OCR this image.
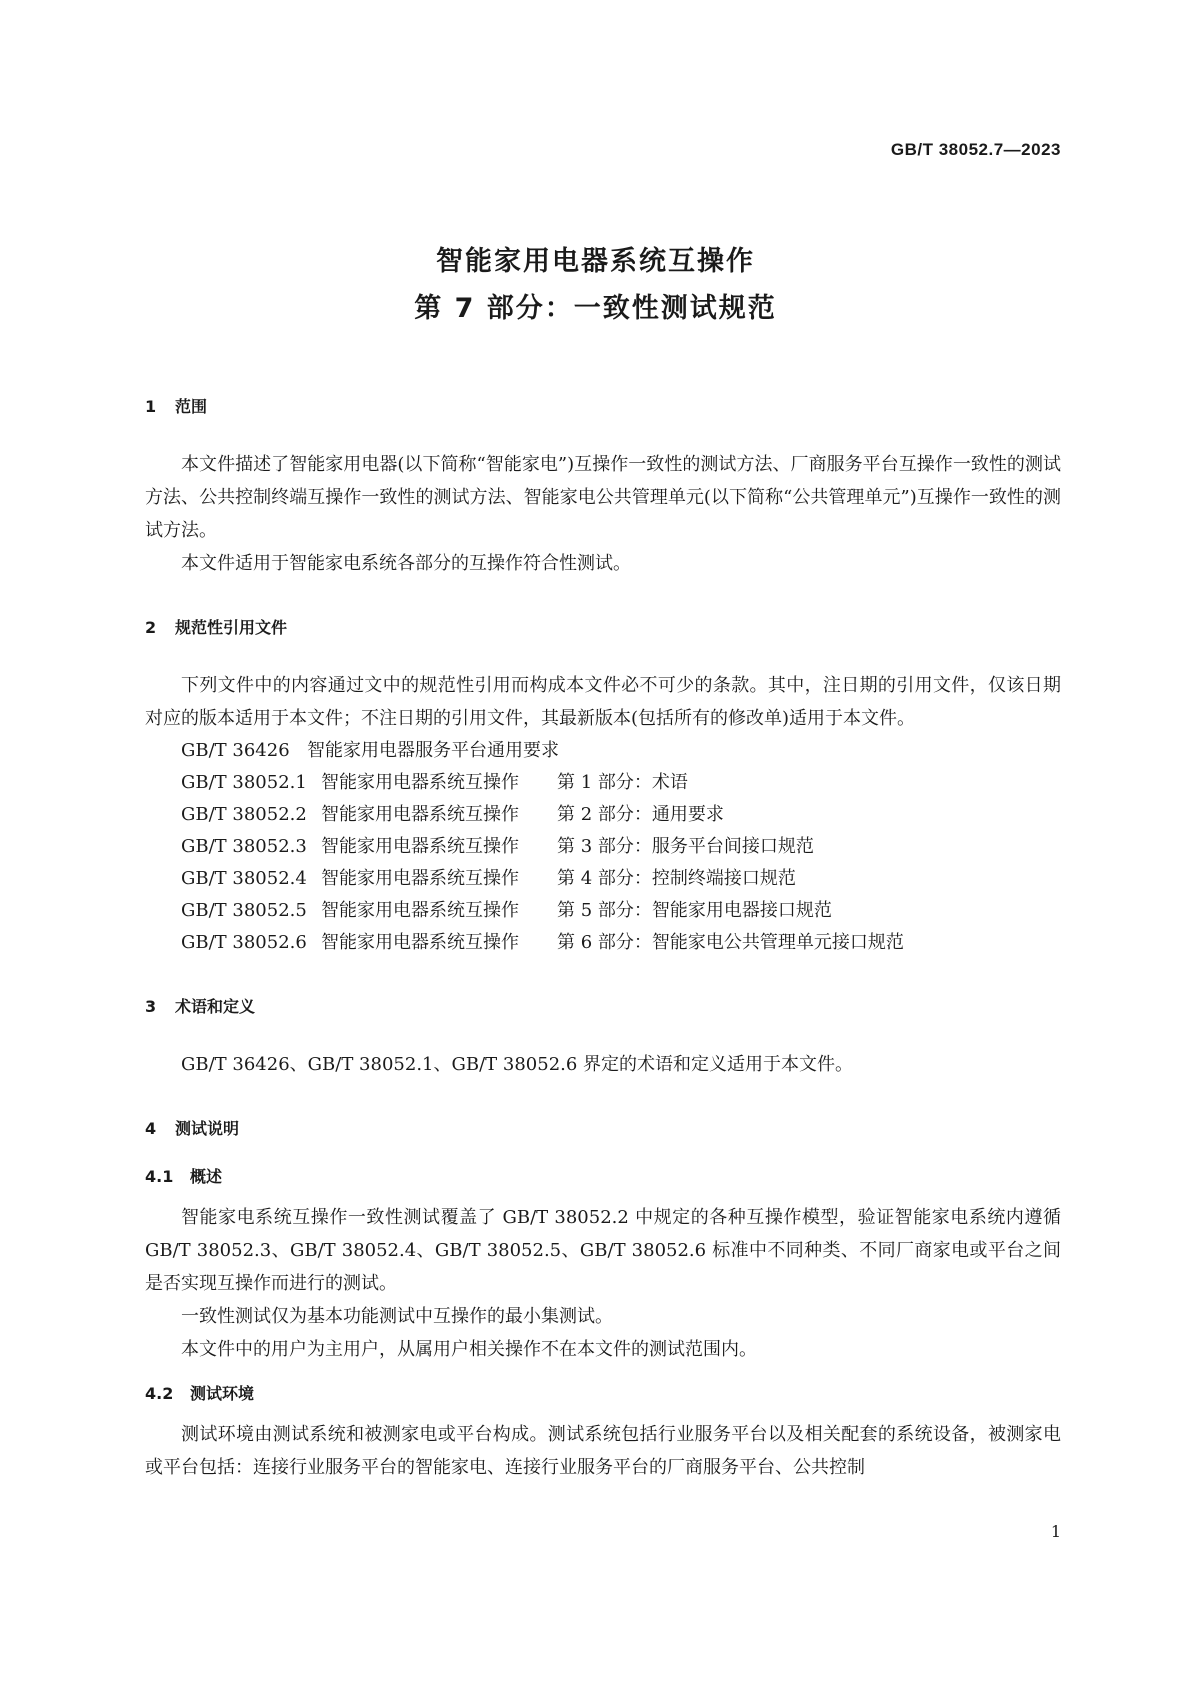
GB/T 38052.7—2023
智能家用电器系统互操作
第 7 部分：一致性测试规范
1 范围
本文件描述了智能家用电器(以下简称“智能家电”)互操作一致性的测试方法、厂商服务平台互操作一致性的测试方法、公共控制终端互操作一致性的测试方法、智能家电公共管理单元(以下简称“公共管理单元”)互操作一致性的测试方法。
本文件适用于智能家电系统各部分的互操作符合性测试。
2 规范性引用文件
下列文件中的内容通过文中的规范性引用而构成本文件必不可少的条款。其中，注日期的引用文件，仅该日期对应的版本适用于本文件；不注日期的引用文件，其最新版本(包括所有的修改单)适用于本文件。
GB/T 36426 智能家用电器服务平台通用要求
GB/T 38052.1 智能家用电器系统互操作 第 1 部分：术语
GB/T 38052.2 智能家用电器系统互操作 第 2 部分：通用要求
GB/T 38052.3 智能家用电器系统互操作 第 3 部分：服务平台间接口规范
GB/T 38052.4 智能家用电器系统互操作 第 4 部分：控制终端接口规范
GB/T 38052.5 智能家用电器系统互操作 第 5 部分：智能家用电器接口规范
GB/T 38052.6 智能家用电器系统互操作 第 6 部分：智能家电公共管理单元接口规范
3 术语和定义
GB/T 36426、GB/T 38052.1、GB/T 38052.6 界定的术语和定义适用于本文件。
4 测试说明
4.1 概述
智能家电系统互操作一致性测试覆盖了 GB/T 38052.2 中规定的各种互操作模型，验证智能家电系统内遵循 GB/T 38052.3、GB/T 38052.4、GB/T 38052.5、GB/T 38052.6 标准中不同种类、不同厂商家电或平台之间是否实现互操作而进行的测试。
一致性测试仅为基本功能测试中互操作的最小集测试。
本文件中的用户为主用户，从属用户相关操作不在本文件的测试范围内。
4.2 测试环境
测试环境由测试系统和被测家电或平台构成。测试系统包括行业服务平台以及相关配套的系统设备，被测家电或平台包括：连接行业服务平台的智能家电、连接行业服务平台的厂商服务平台、公共控制
1
